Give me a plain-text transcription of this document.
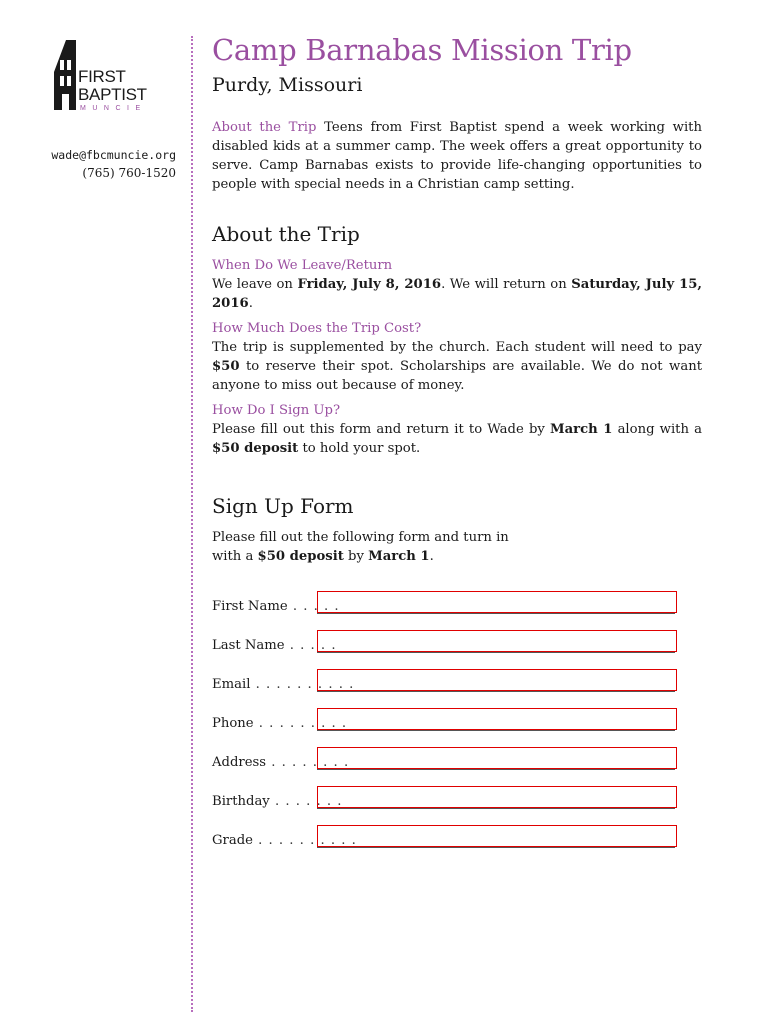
FIRST
BAPTIST
MUNCIE
wade@fbcmuncie.org
(765) 760-1520
Camp Barnabas Mission Trip
Purdy, Missouri
About the Trip Teens from First Baptist spend a week working with disabled kids at a summer camp. The week offers a great opportunity to serve. Camp Barnabas exists to provide life-changing opportunities to people with special needs in a Christian camp setting.
About the Trip
When Do We Leave/Return

We leave on Friday, July 8, 2016. We will return on Saturday, July 15, 2016.

How Much Does the Trip Cost?

The trip is supplemented by the church. Each student will need to pay $50 to reserve their spot. Scholarships are available. We do not want anyone to miss out because of money.

How Do I Sign Up?

Please fill out this form and return it to Wade by March 1 along with a $50 deposit to hold your spot.

Sign Up Form
Please fill out the following form and turn in
with a $50 deposit by March 1.
First Name . . . . .
Last Name . . . . .
Email . . . . . . . . . .
Phone . . . . . . . . .
Address . . . . . . . .
Birthday . . . . . . .
Grade . . . . . . . . . .
